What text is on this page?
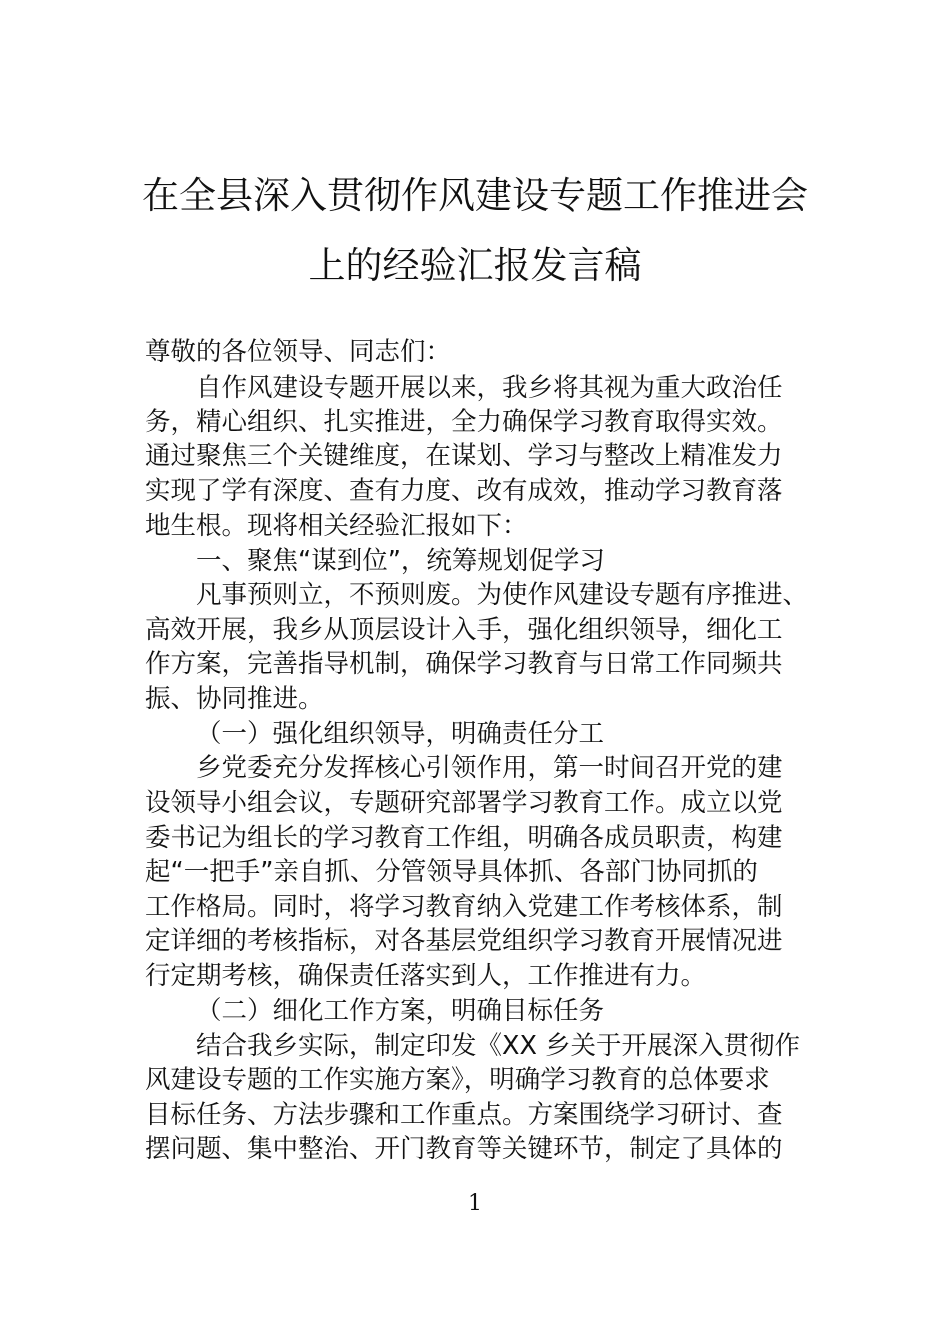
在全县深入贯彻作风建设专题工作推进会
上的经验汇报发言稿
尊敬的各位领导、同志们：
自作风建设专题开展以来，我乡将其视为重大政治任
务，精心组织、扎实推进，全力确保学习教育取得实效。
通过聚焦三个关键维度，在谋划、学习与整改上精准发力
实现了学有深度、查有力度、改有成效，推动学习教育落
地生根。现将相关经验汇报如下：
一、聚焦“谋到位”，统筹规划促学习
凡事预则立，不预则废。为使作风建设专题有序推进、
高效开展，我乡从顶层设计入手，强化组织领导，细化工
作方案，完善指导机制，确保学习教育与日常工作同频共
振、协同推进。
（一）强化组织领导，明确责任分工
乡党委充分发挥核心引领作用，第一时间召开党的建
设领导小组会议，专题研究部署学习教育工作。成立以党
委书记为组长的学习教育工作组，明确各成员职责，构建
起“一把手”亲自抓、分管领导具体抓、各部门协同抓的
工作格局。同时，将学习教育纳入党建工作考核体系，制
定详细的考核指标，对各基层党组织学习教育开展情况进
行定期考核，确保责任落实到人，工作推进有力。
（二）细化工作方案，明确目标任务
结合我乡实际，制定印发《XX 乡关于开展深入贯彻作
风建设专题的工作实施方案》，明确学习教育的总体要求
目标任务、方法步骤和工作重点。方案围绕学习研讨、查
摆问题、集中整治、开门教育等关键环节，制定了具体的
1
